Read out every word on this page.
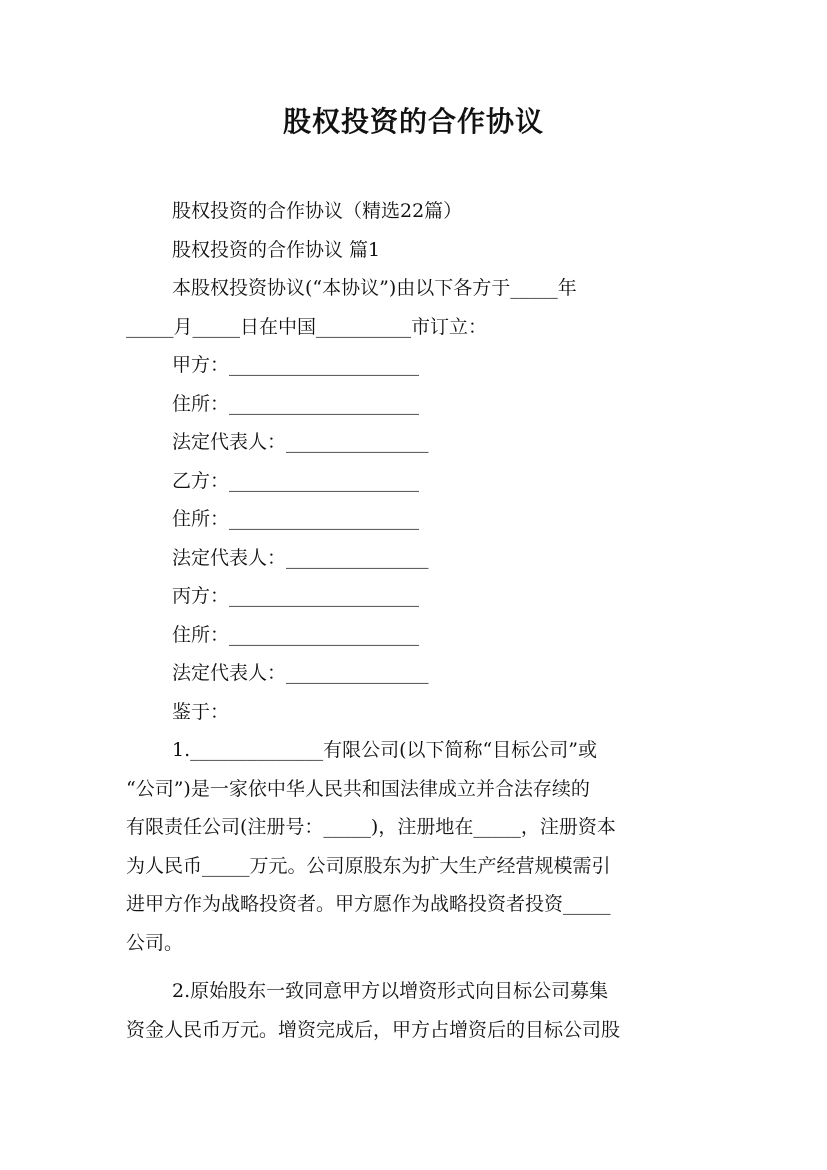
股权投资的合作协议
股权投资的合作协议（精选22篇）
股权投资的合作协议 篇1
本股权投资协议(“本协议”)由以下各方于_____年
_____月_____日在中国__________市订立：
甲方：____________________
住所：____________________
法定代表人：_______________
乙方：____________________
住所：____________________
法定代表人：_______________
丙方：____________________
住所：____________________
法定代表人：_______________
鉴于：
1.______________有限公司(以下简称“目标公司”或
“公司”)是一家依中华人民共和国法律成立并合法存续的
有限责任公司(注册号：_____)，注册地在_____，注册资本
为人民币_____万元。公司原股东为扩大生产经营规模需引
进甲方作为战略投资者。甲方愿作为战略投资者投资_____
公司。
2.原始股东一致同意甲方以增资形式向目标公司募集
资金人民币万元。增资完成后，甲方占增资后的目标公司股
